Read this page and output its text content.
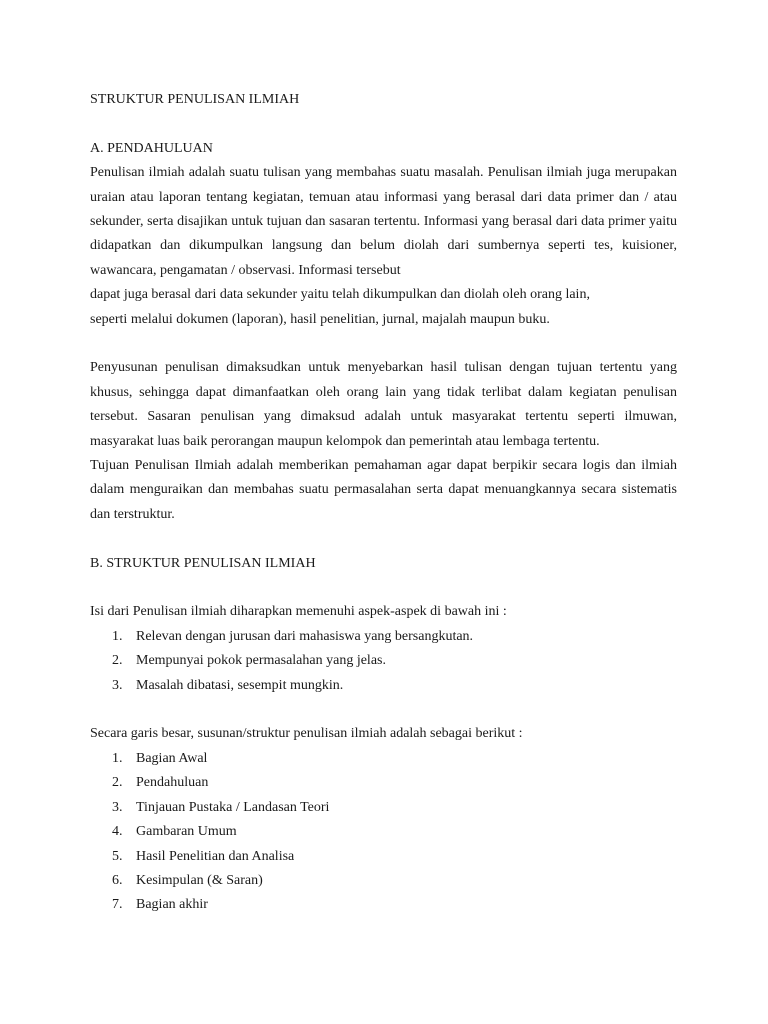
STRUKTUR PENULISAN ILMIAH

A. PENDAHULUAN

Penulisan ilmiah adalah suatu tulisan yang membahas suatu masalah. Penulisan ilmiah juga merupakan uraian atau laporan tentang kegiatan, temuan atau informasi yang berasal dari data primer dan / atau sekunder, serta disajikan untuk tujuan dan sasaran tertentu. Informasi yang berasal dari data primer yaitu didapatkan dan dikumpulkan langsung dan belum diolah dari sumbernya seperti tes, kuisioner, wawancara, pengamatan / observasi. Informasi tersebut

dapat juga berasal dari data sekunder yaitu telah dikumpulkan dan diolah oleh orang lain,

seperti melalui dokumen (laporan), hasil penelitian, jurnal, majalah maupun buku.

Penyusunan penulisan dimaksudkan untuk menyebarkan hasil tulisan dengan tujuan tertentu yang khusus, sehingga dapat dimanfaatkan oleh orang lain yang tidak terlibat dalam kegiatan penulisan tersebut. Sasaran penulisan yang dimaksud adalah untuk masyarakat tertentu seperti ilmuwan, masyarakat luas baik perorangan maupun kelompok dan pemerintah atau lembaga tertentu.

Tujuan Penulisan Ilmiah adalah memberikan pemahaman agar dapat berpikir secara logis dan ilmiah dalam menguraikan dan membahas suatu permasalahan serta dapat menuangkannya secara sistematis dan terstruktur.

B. STRUKTUR PENULISAN ILMIAH

Isi dari Penulisan ilmiah diharapkan memenuhi aspek-aspek di bawah ini :

1. Relevan dengan jurusan dari mahasiswa yang bersangkutan.
2. Mempunyai pokok permasalahan yang jelas.
3. Masalah dibatasi, sesempit mungkin.

Secara garis besar, susunan/struktur penulisan ilmiah adalah sebagai berikut :

1. Bagian Awal
2. Pendahuluan
3. Tinjauan Pustaka / Landasan Teori
4. Gambaran Umum
5. Hasil Penelitian dan Analisa
6. Kesimpulan (& Saran)
7. Bagian akhir
